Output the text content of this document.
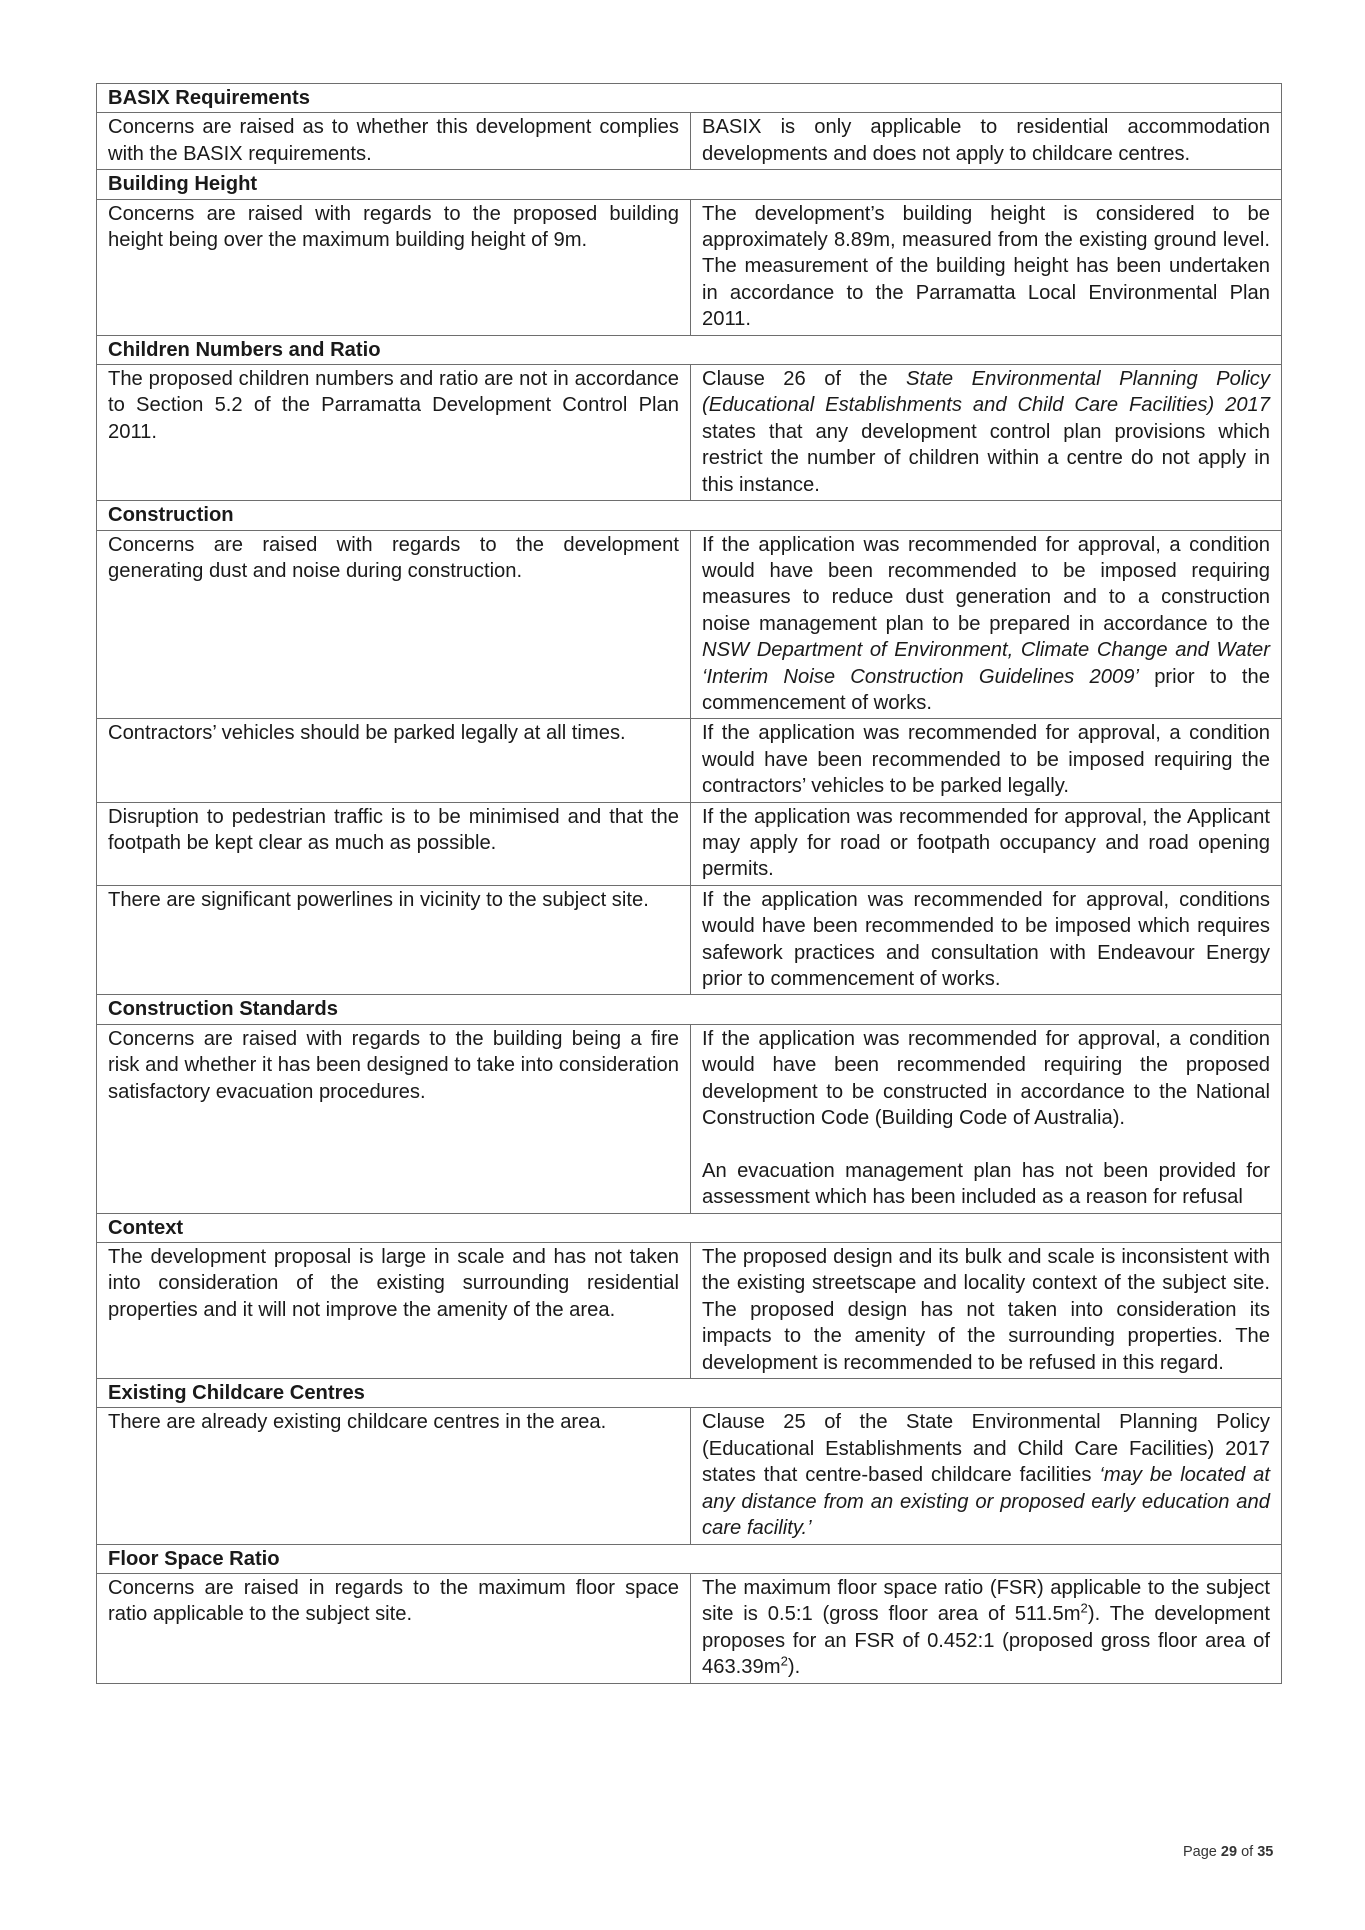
BASIX Requirements	
Concerns are raised as to whether this development complies with the BASIX requirements.	BASIX is only applicable to residential accommodation developments and does not apply to childcare centres.

Building Height	
Concerns are raised with regards to the proposed building height being over the maximum building height of 9m.	The development’s building height is considered to be approximately 8.89m, measured from the existing ground level. The measurement of the building height has been undertaken in accordance to the Parramatta Local Environmental Plan 2011.

Children Numbers and Ratio	
The proposed children numbers and ratio are not in accordance to Section 5.2 of the Parramatta Development Control Plan 2011.	Clause 26 of the State Environmental Planning Policy (Educational Establishments and Child Care Facilities) 2017 states that any development control plan provisions which restrict the number of children within a centre do not apply in this instance.

Construction	
Concerns are raised with regards to the development generating dust and noise during construction.	If the application was recommended for approval, a condition would have been recommended to be imposed requiring measures to reduce dust generation and to a construction noise management plan to be prepared in accordance to the NSW Department of Environment, Climate Change and Water ‘Interim Noise Construction Guidelines 2009’ prior to the commencement of works.

Contractors’ vehicles should be parked legally at all times.	If the application was recommended for approval, a condition would have been recommended to be imposed requiring the contractors’ vehicles to be parked legally.

Disruption to pedestrian traffic is to be minimised and that the footpath be kept clear as much as possible.	If the application was recommended for approval, the Applicant may apply for road or footpath occupancy and road opening permits.

There are significant powerlines in vicinity to the subject site.	If the application was recommended for approval, conditions would have been recommended to be imposed which requires safework practices and consultation with Endeavour Energy prior to commencement of works.

Construction Standards	
Concerns are raised with regards to the building being a fire risk and whether it has been designed to take into consideration satisfactory evacuation procedures.	If the application was recommended for approval, a condition would have been recommended requiring the proposed development to be constructed in accordance to the National Construction Code (Building Code of Australia).
An evacuation management plan has not been provided for assessment which has been included as a reason for refusal

Context	
The development proposal is large in scale and has not taken into consideration of the existing surrounding residential properties and it will not improve the amenity of the area.	The proposed design and its bulk and scale is inconsistent with the existing streetscape and locality context of the subject site. The proposed design has not taken into consideration its impacts to the amenity of the surrounding properties. The development is recommended to be refused in this regard.

Existing Childcare Centres	
There are already existing childcare centres in the area.	Clause 25 of the State Environmental Planning Policy (Educational Establishments and Child Care Facilities) 2017 states that centre-based childcare facilities ‘may be located at any distance from an existing or proposed early education and care facility.’

Floor Space Ratio	
Concerns are raised in regards to the maximum floor space ratio applicable to the subject site.	The maximum floor space ratio (FSR) applicable to the subject site is 0.5:1 (gross floor area of $511.5m^2$). The development proposes for an FSR of 0.452:1 (proposed gross floor area of $463.39m^2$).
Page 29 of 35
